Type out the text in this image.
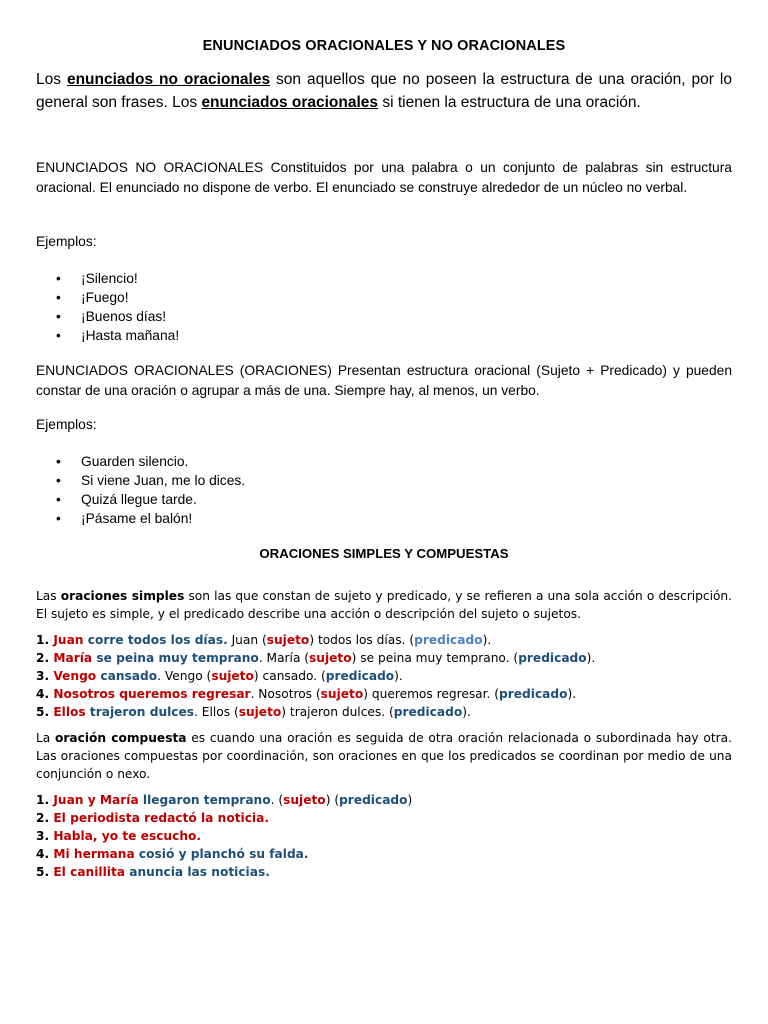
ENUNCIADOS ORACIONALES Y NO ORACIONALES
Los enunciados no oracionales son aquellos que no poseen la estructura de una oración, por lo general son frases. Los enunciados oracionales si tienen la estructura de una oración.
ENUNCIADOS NO ORACIONALES Constituidos por una palabra o un conjunto de palabras sin estructura oracional. El enunciado no dispone de verbo. El enunciado se construye alrededor de un núcleo no verbal.
Ejemplos:
• ¡Silencio!
• ¡Fuego!
• ¡Buenos días!
• ¡Hasta mañana!
ENUNCIADOS ORACIONALES (ORACIONES) Presentan estructura oracional (Sujeto + Predicado) y pueden constar de una oración o agrupar a más de una. Siempre hay, al menos, un verbo.
Ejemplos:
• Guarden silencio.
• Si viene Juan, me lo dices.
• Quizá llegue tarde.
• ¡Pásame el balón!
ORACIONES SIMPLES Y COMPUESTAS
Las oraciones simples son las que constan de sujeto y predicado, y se refieren a una sola acción o descripción. El sujeto es simple, y el predicado describe una acción o descripción del sujeto o sujetos.
1. Juan corre todos los días. Juan (sujeto) todos los días. (predicado).
2. María se peina muy temprano. María (sujeto) se peina muy temprano. (predicado).
3. Vengo cansado. Vengo (sujeto) cansado. (predicado).
4. Nosotros queremos regresar. Nosotros (sujeto) queremos regresar. (predicado).
5. Ellos trajeron dulces. Ellos (sujeto) trajeron dulces. (predicado).
La oración compuesta es cuando una oración es seguida de otra oración relacionada o subordinada hay otra. Las oraciones compuestas por coordinación, son oraciones en que los predicados se coordinan por medio de una conjunción o nexo.
1. Juan y María llegaron temprano. (sujeto) (predicado)
2. El periodista redactó la noticia.
3. Habla, yo te escucho.
4. Mi hermana cosió y planchó su falda.
5. El canillita anuncia las noticias.
